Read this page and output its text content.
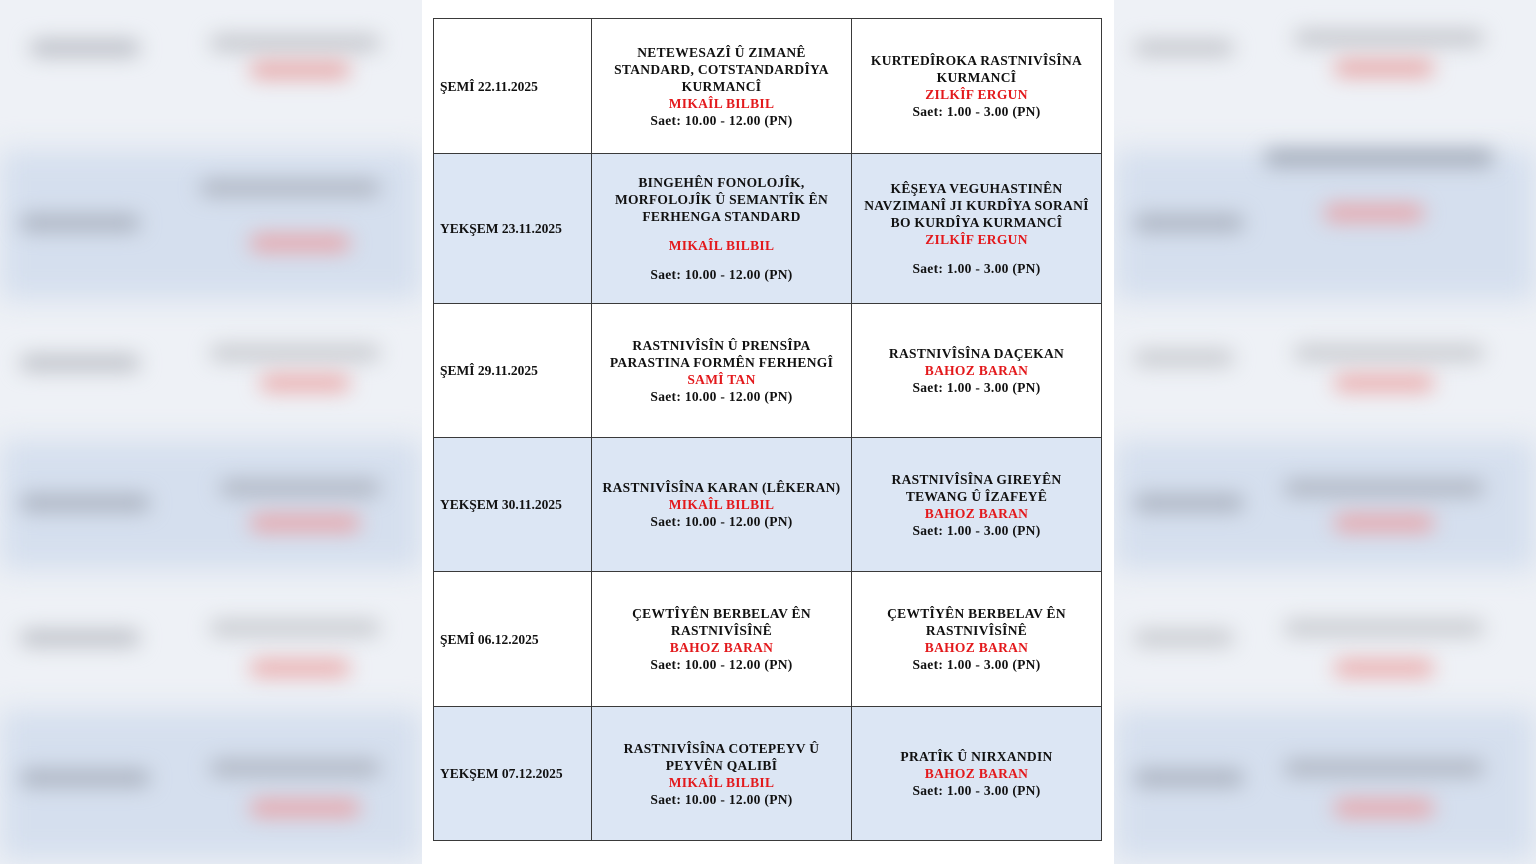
ŞEMÎ 22.11.2025	NETEWESAZÎ Û ZIMANÊ STANDARD, COTSTANDARDÎYA KURMANCÎ
MIKAÎL BILBIL
Saet: 10.00 - 12.00 (PN)	KURTEDÎROKA RASTNIVÎSÎNA KURMANCÎ
ZILKÎF ERGUN
Saet: 1.00 - 3.00 (PN)

YEKŞEM 23.11.2025	BINGEHÊN FONOLOJÎK, MORFOLOJÎK Û SEMANTÎK ÊN FERHENGA STANDARD
MIKAÎL BILBIL
Saet: 10.00 - 12.00 (PN)	KÊŞEYA VEGUHASTINÊN NAVZIMANÎ JI KURDÎYA SORANÎ BO KURDÎYA KURMANCÎ
ZILKÎF ERGUN
Saet: 1.00 - 3.00 (PN)

ŞEMÎ 29.11.2025	RASTNIVÎSÎN Û PRENSÎPA PARASTINA FORMÊN FERHENGÎ
SAMÎ TAN
Saet: 10.00 - 12.00 (PN)	RASTNIVÎSÎNA DAÇEKAN
BAHOZ BARAN
Saet: 1.00 - 3.00 (PN)

YEKŞEM 30.11.2025	RASTNIVÎSÎNA KARAN (LÊKERAN)
MIKAÎL BILBIL
Saet: 10.00 - 12.00 (PN)	RASTNIVÎSÎNA GIREYÊN TEWANG Û ÎZAFEYÊ
BAHOZ BARAN
Saet: 1.00 - 3.00 (PN)

ŞEMÎ 06.12.2025	ÇEWTÎYÊN BERBELAV ÊN RASTNIVÎSÎNÊ
BAHOZ BARAN
Saet: 10.00 - 12.00 (PN)	ÇEWTÎYÊN BERBELAV ÊN RASTNIVÎSÎNÊ
BAHOZ BARAN
Saet: 1.00 - 3.00 (PN)

YEKŞEM 07.12.2025	RASTNIVÎSÎNA COTEPEYV Û PEYVÊN QALIBÎ
MIKAÎL BILBIL
Saet: 10.00 - 12.00 (PN)	PRATÎK Û NIRXANDIN
BAHOZ BARAN
Saet: 1.00 - 3.00 (PN)
